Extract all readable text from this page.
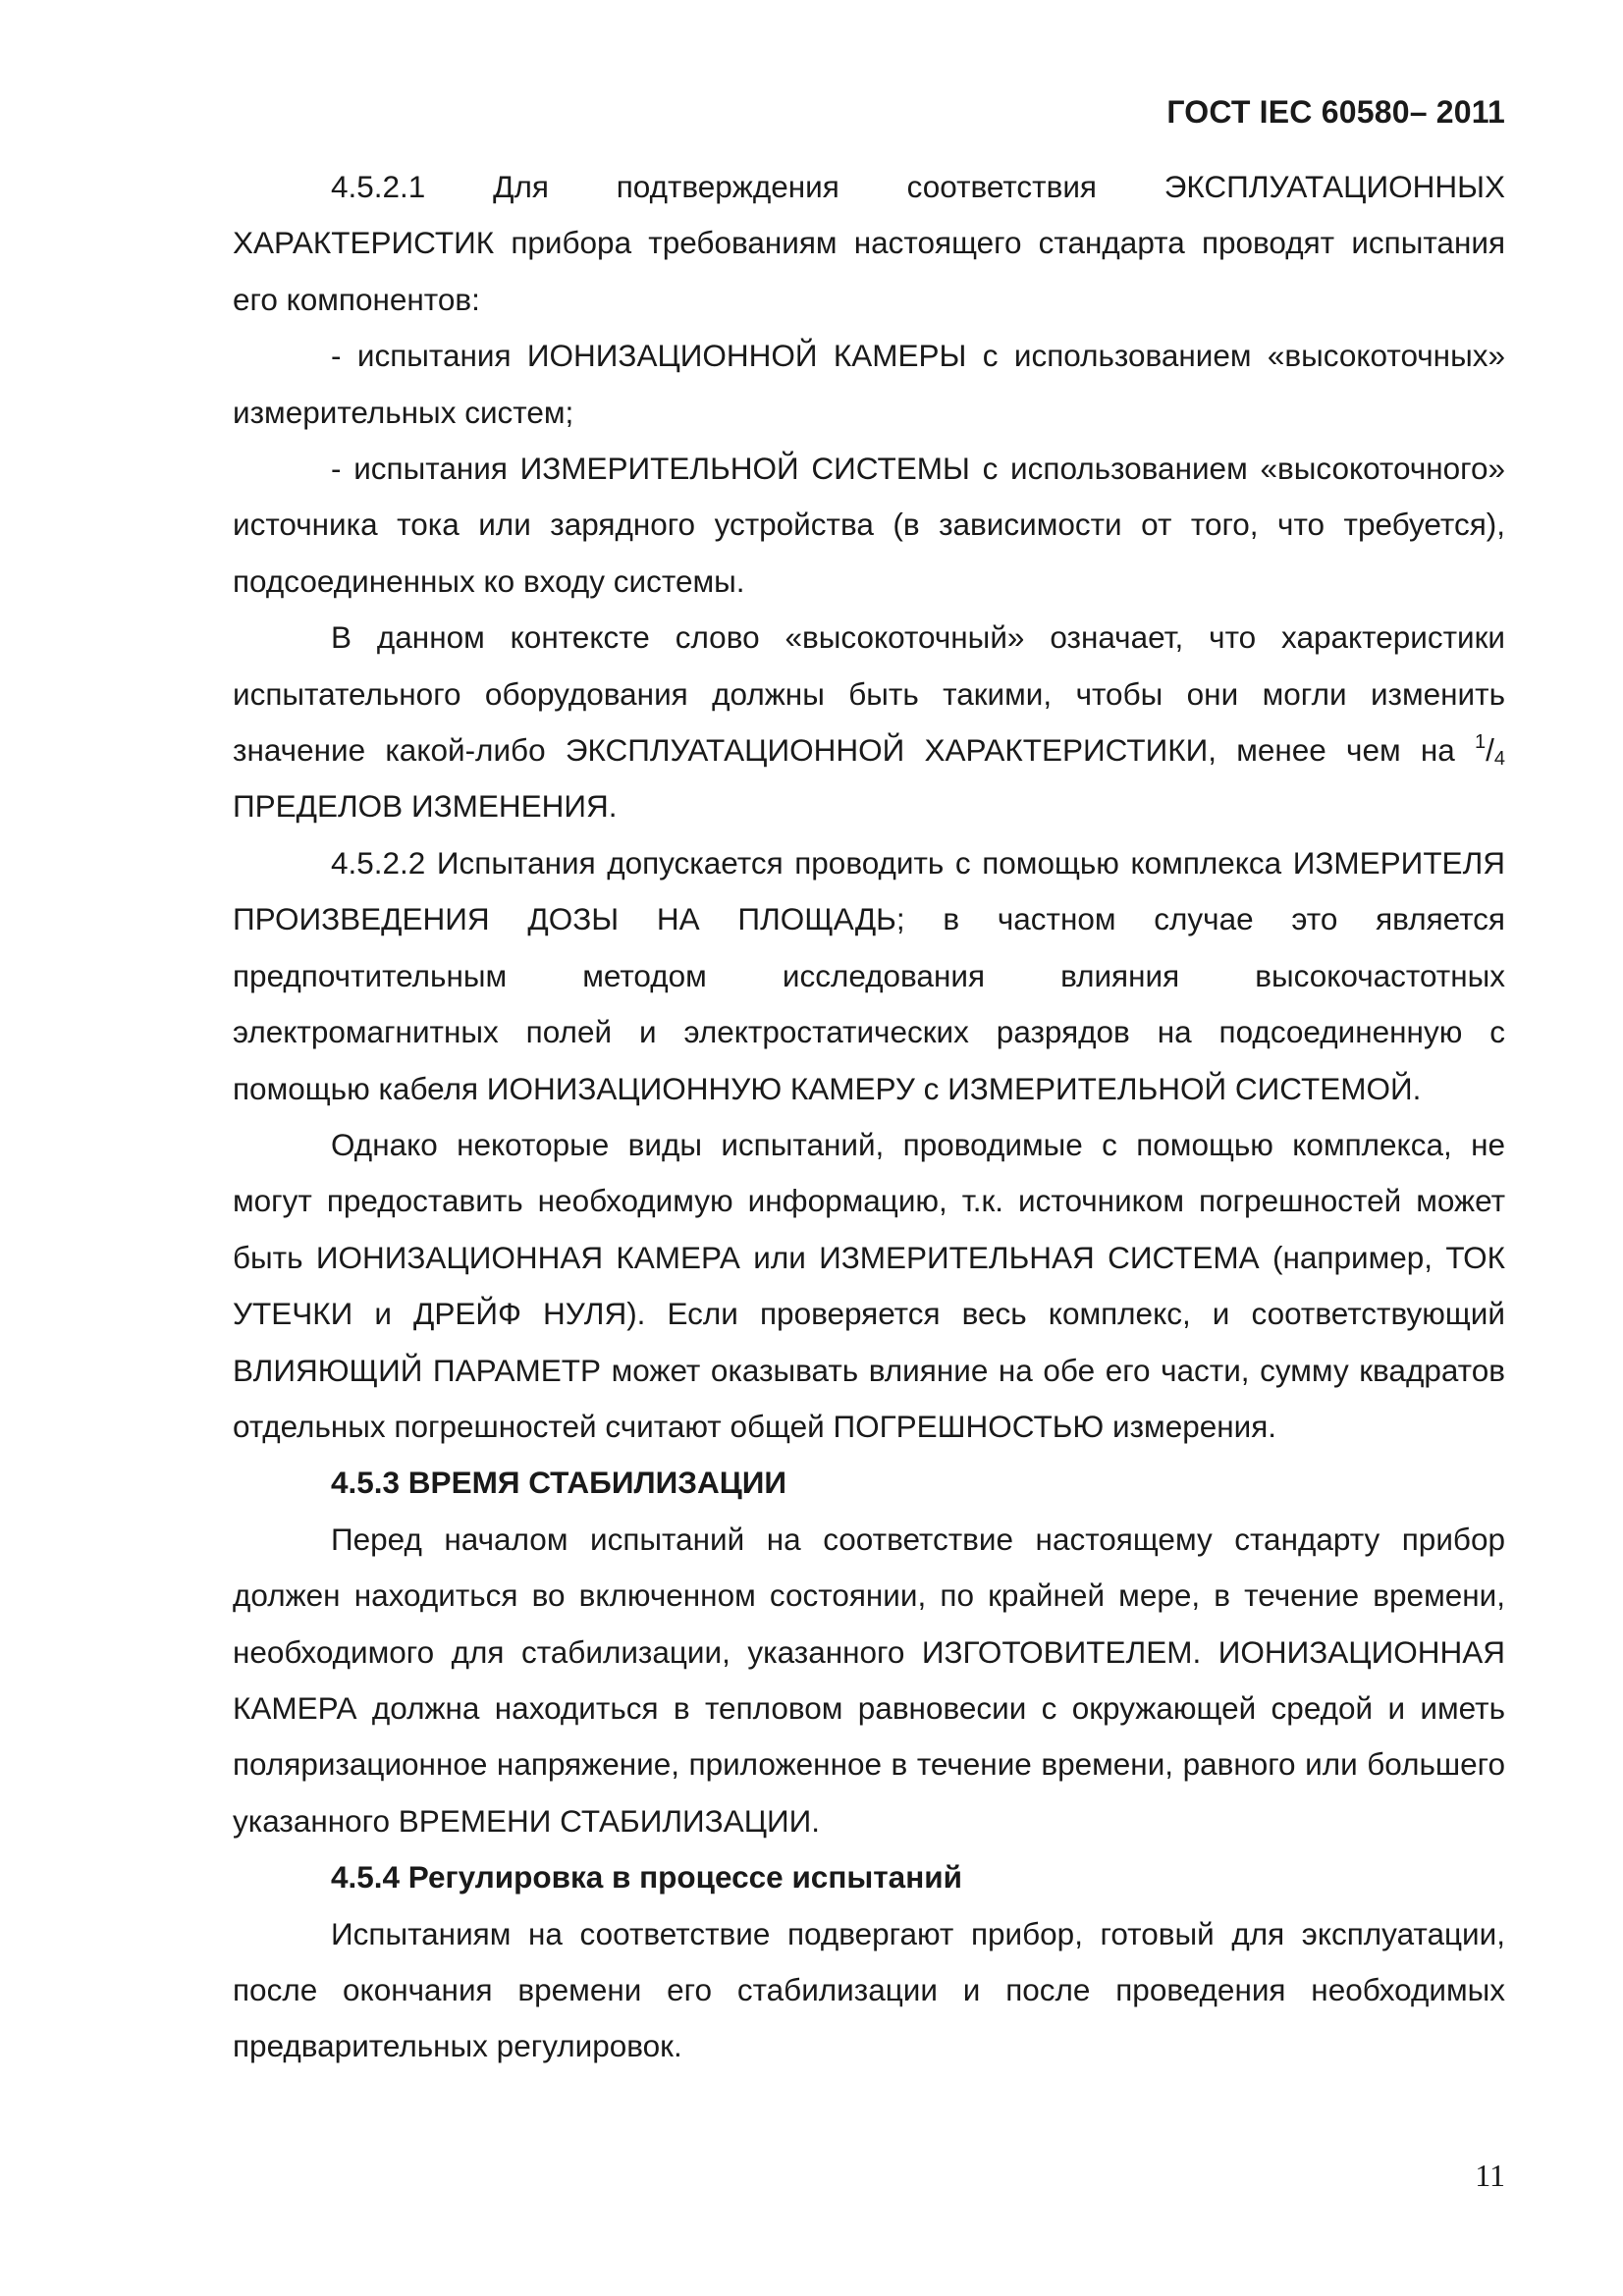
ГОСТ IEC 60580– 2011

4.5.2.1 Для подтверждения соответствия ЭКСПЛУАТАЦИОННЫХ ХАРАКТЕРИСТИК прибора требованиям настоящего стандарта проводят испытания его компонентов:

- испытания ИОНИЗАЦИОННОЙ КАМЕРЫ с использованием «высокоточных» измерительных систем;

- испытания ИЗМЕРИТЕЛЬНОЙ СИСТЕМЫ с использованием «высокоточного» источника тока или зарядного устройства (в зависимости от того, что требуется), подсоединенных ко входу системы.

В данном контексте слово «высокоточный» означает, что характеристики испытательного оборудования должны быть такими, чтобы они могли изменить значение какой-либо ЭКСПЛУАТАЦИОННОЙ ХАРАКТЕРИСТИКИ, менее чем на $^1$/4 ПРЕДЕЛОВ ИЗМЕНЕНИЯ.

4.5.2.2 Испытания допускается проводить с помощью комплекса ИЗМЕРИТЕЛЯ ПРОИЗВЕДЕНИЯ ДОЗЫ НА ПЛОЩАДЬ; в частном случае это является предпочтительным методом исследования влияния высокочастотных электромагнитных полей и электростатических разрядов на подсоединенную с помощью кабеля ИОНИЗАЦИОННУЮ КАМЕРУ с ИЗМЕРИТЕЛЬНОЙ СИСТЕМОЙ.

Однако некоторые виды испытаний, проводимые с помощью комплекса, не могут предоставить необходимую информацию, т.к. источником погрешностей может быть ИОНИЗАЦИОННАЯ КАМЕРА или ИЗМЕРИТЕЛЬНАЯ СИСТЕМА (например, ТОК УТЕЧКИ и ДРЕЙФ НУЛЯ). Если проверяется весь комплекс, и соответствующий ВЛИЯЮЩИЙ ПАРАМЕТР может оказывать влияние на обе его части, сумму квадратов отдельных погрешностей считают общей ПОГРЕШНОСТЬЮ измерения.

4.5.3 ВРЕМЯ СТАБИЛИЗАЦИИ

Перед началом испытаний на соответствие настоящему стандарту прибор должен находиться во включенном состоянии, по крайней мере, в течение времени, необходимого для стабилизации, указанного ИЗГОТОВИТЕЛЕМ. ИОНИЗАЦИОННАЯ КАМЕРА должна находиться в тепловом равновесии с окружающей средой и иметь поляризационное напряжение, приложенное в течение времени, равного или большего указанного ВРЕМЕНИ СТАБИЛИЗАЦИИ.

4.5.4 Регулировка в процессе испытаний

Испытаниям на соответствие подвергают прибор, готовый для эксплуатации, после окончания времени его стабилизации и после проведения необходимых предварительных регулировок.

11
